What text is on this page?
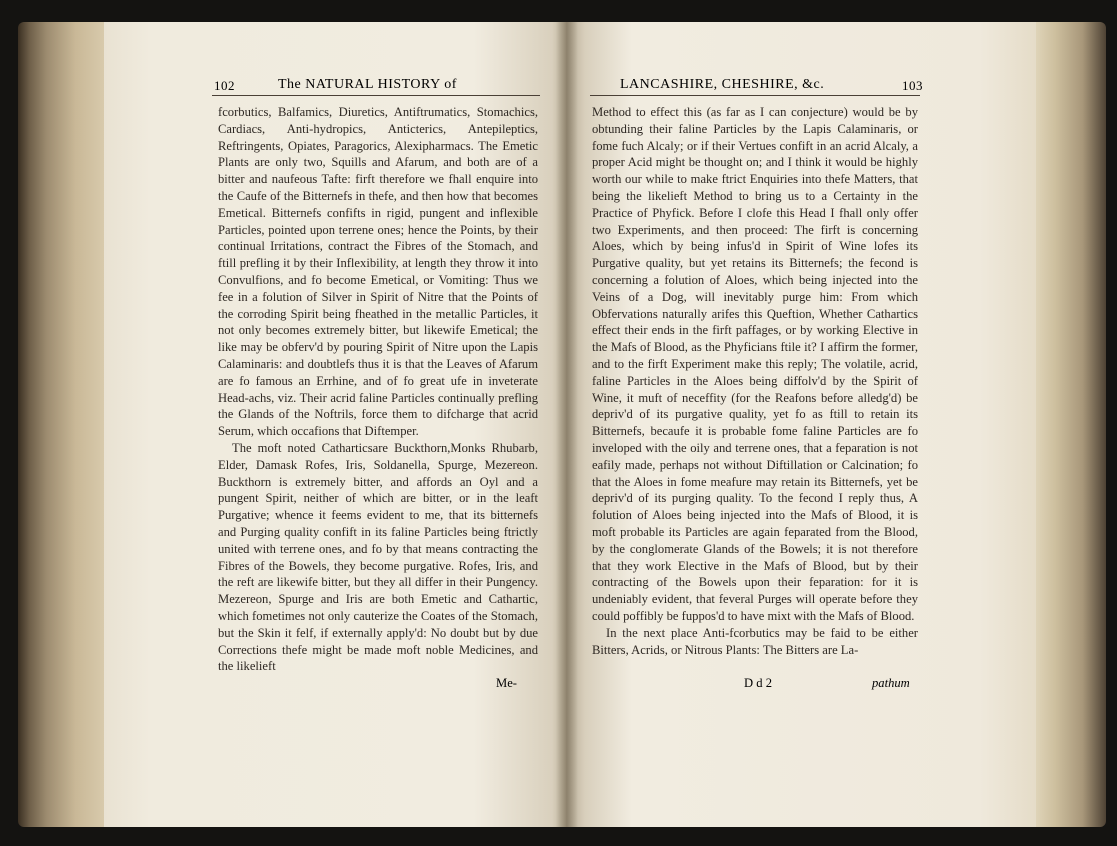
102	The NATURAL HISTORY of	LANCASHIRE, CHESHIRE, &c.	103

fcorbutics, Balfamics, Diuretics, Antiftrumatics, Stomachics, Cardiacs, Anti-hydropics, Anticterics, Antepileptics, Reftringents, Opiates, Paragorics, Alexipharmacs. The Emetic Plants are only two, Squills and Afarum, and both are of a bitter and naufeous Tafte: firft therefore we fhall enquire into the Caufe of the Bitternefs in thefe, and then how that becomes Emetical. Bitternefs confifts in rigid, pungent and inflexible Particles, pointed upon terrene ones; hence the Points, by their continual Irritations, contract the Fibres of the Stomach, and ftill prefling it by their Inflexibility, at length they throw it into Convulfions, and fo become Emetical, or Vomiting: Thus we fee in a folution of Silver in Spirit of Nitre that the Points of the corroding Spirit being fheathed in the metallic Particles, it not only becomes extremely bitter, but likewife Emetical; the like may be obferv'd by pouring Spirit of Nitre upon the Lapis Calaminaris: and doubtlefs thus it is that the Leaves of Afarum are fo famous an Errhine, and of fo great ufe in inveterate Head-achs, viz. Their acrid faline Particles continually prefling the Glands of the Noftrils, force them to difcharge that acrid Serum, which occafions that Diftemper.

The moft noted Catharticsare Buckthorn,Monks Rhubarb, Elder, Damask Rofes, Iris, Soldanella, Spurge, Mezereon. Buckthorn is extremely bitter, and affords an Oyl and a pungent Spirit, neither of which are bitter, or in the leaft Purgative; whence it feems evident to me, that its bitternefs and Purging quality confift in its faline Particles being ftrictly united with terrene ones, and fo by that means contracting the Fibres of the Bowels, they become purgative. Rofes, Iris, and the reft are likewife bitter, but they all differ in their Pungency. Mezereon, Spurge and Iris are both Emetic and Cathartic, which fometimes not only cauterize the Coates of the Stomach, but the Skin it felf, if externally apply'd: No doubt but by due Corrections thefe might be made moft noble Medicines, and the likelieft

Method to effect this (as far as I can conjecture) would be by obtunding their faline Particles by the Lapis Calaminaris, or fome fuch Alcaly; or if their Vertues confift in an acrid Alcaly, a proper Acid might be thought on; and I think it would be highly worth our while to make ftrict Enquiries into thefe Matters, that being the likelieft Method to bring us to a Certainty in the Practice of Phyfick. Before I clofe this Head I fhall only offer two Experiments, and then proceed: The firft is concerning Aloes, which by being infus'd in Spirit of Wine lofes its Purgative quality, but yet retains its Bitternefs; the fecond is concerning a folution of Aloes, which being injected into the Veins of a Dog, will inevitably purge him: From which Obfervations naturally arifes this Queftion, Whether Cathartics effect their ends in the firft paffages, or by working Elective in the Mafs of Blood, as the Phyficians ftile it? I affirm the former, and to the firft Experiment make this reply; The volatile, acrid, faline Particles in the Aloes being diffolv'd by the Spirit of Wine, it muft of neceffity (for the Reafons before alledg'd) be depriv'd of its purgative quality, yet fo as ftill to retain its Bitternefs, becaufe it is probable fome faline Particles are fo inveloped with the oily and terrene ones, that a feparation is not eafily made, perhaps not without Diftillation or Calcination; fo that the Aloes in fome meafure may retain its Bitternefs, yet be depriv'd of its purging quality. To the fecond I reply thus, A folution of Aloes being injected into the Mafs of Blood, it is moft probable its Particles are again feparated from the Blood, by the conglomerate Glands of the Bowels; it is not therefore that they work Elective in the Mafs of Blood, but by their contracting of the Bowels upon their feparation: for it is undeniably evident, that feveral Purges will operate before they could poffibly be fuppos'd to have mixt with the Mafs of Blood.

In the next place Anti-fcorbutics may be faid to be either Bitters, Acrids, or Nitrous Plants: The Bitters are La-

Me-	D d 2	pathum
